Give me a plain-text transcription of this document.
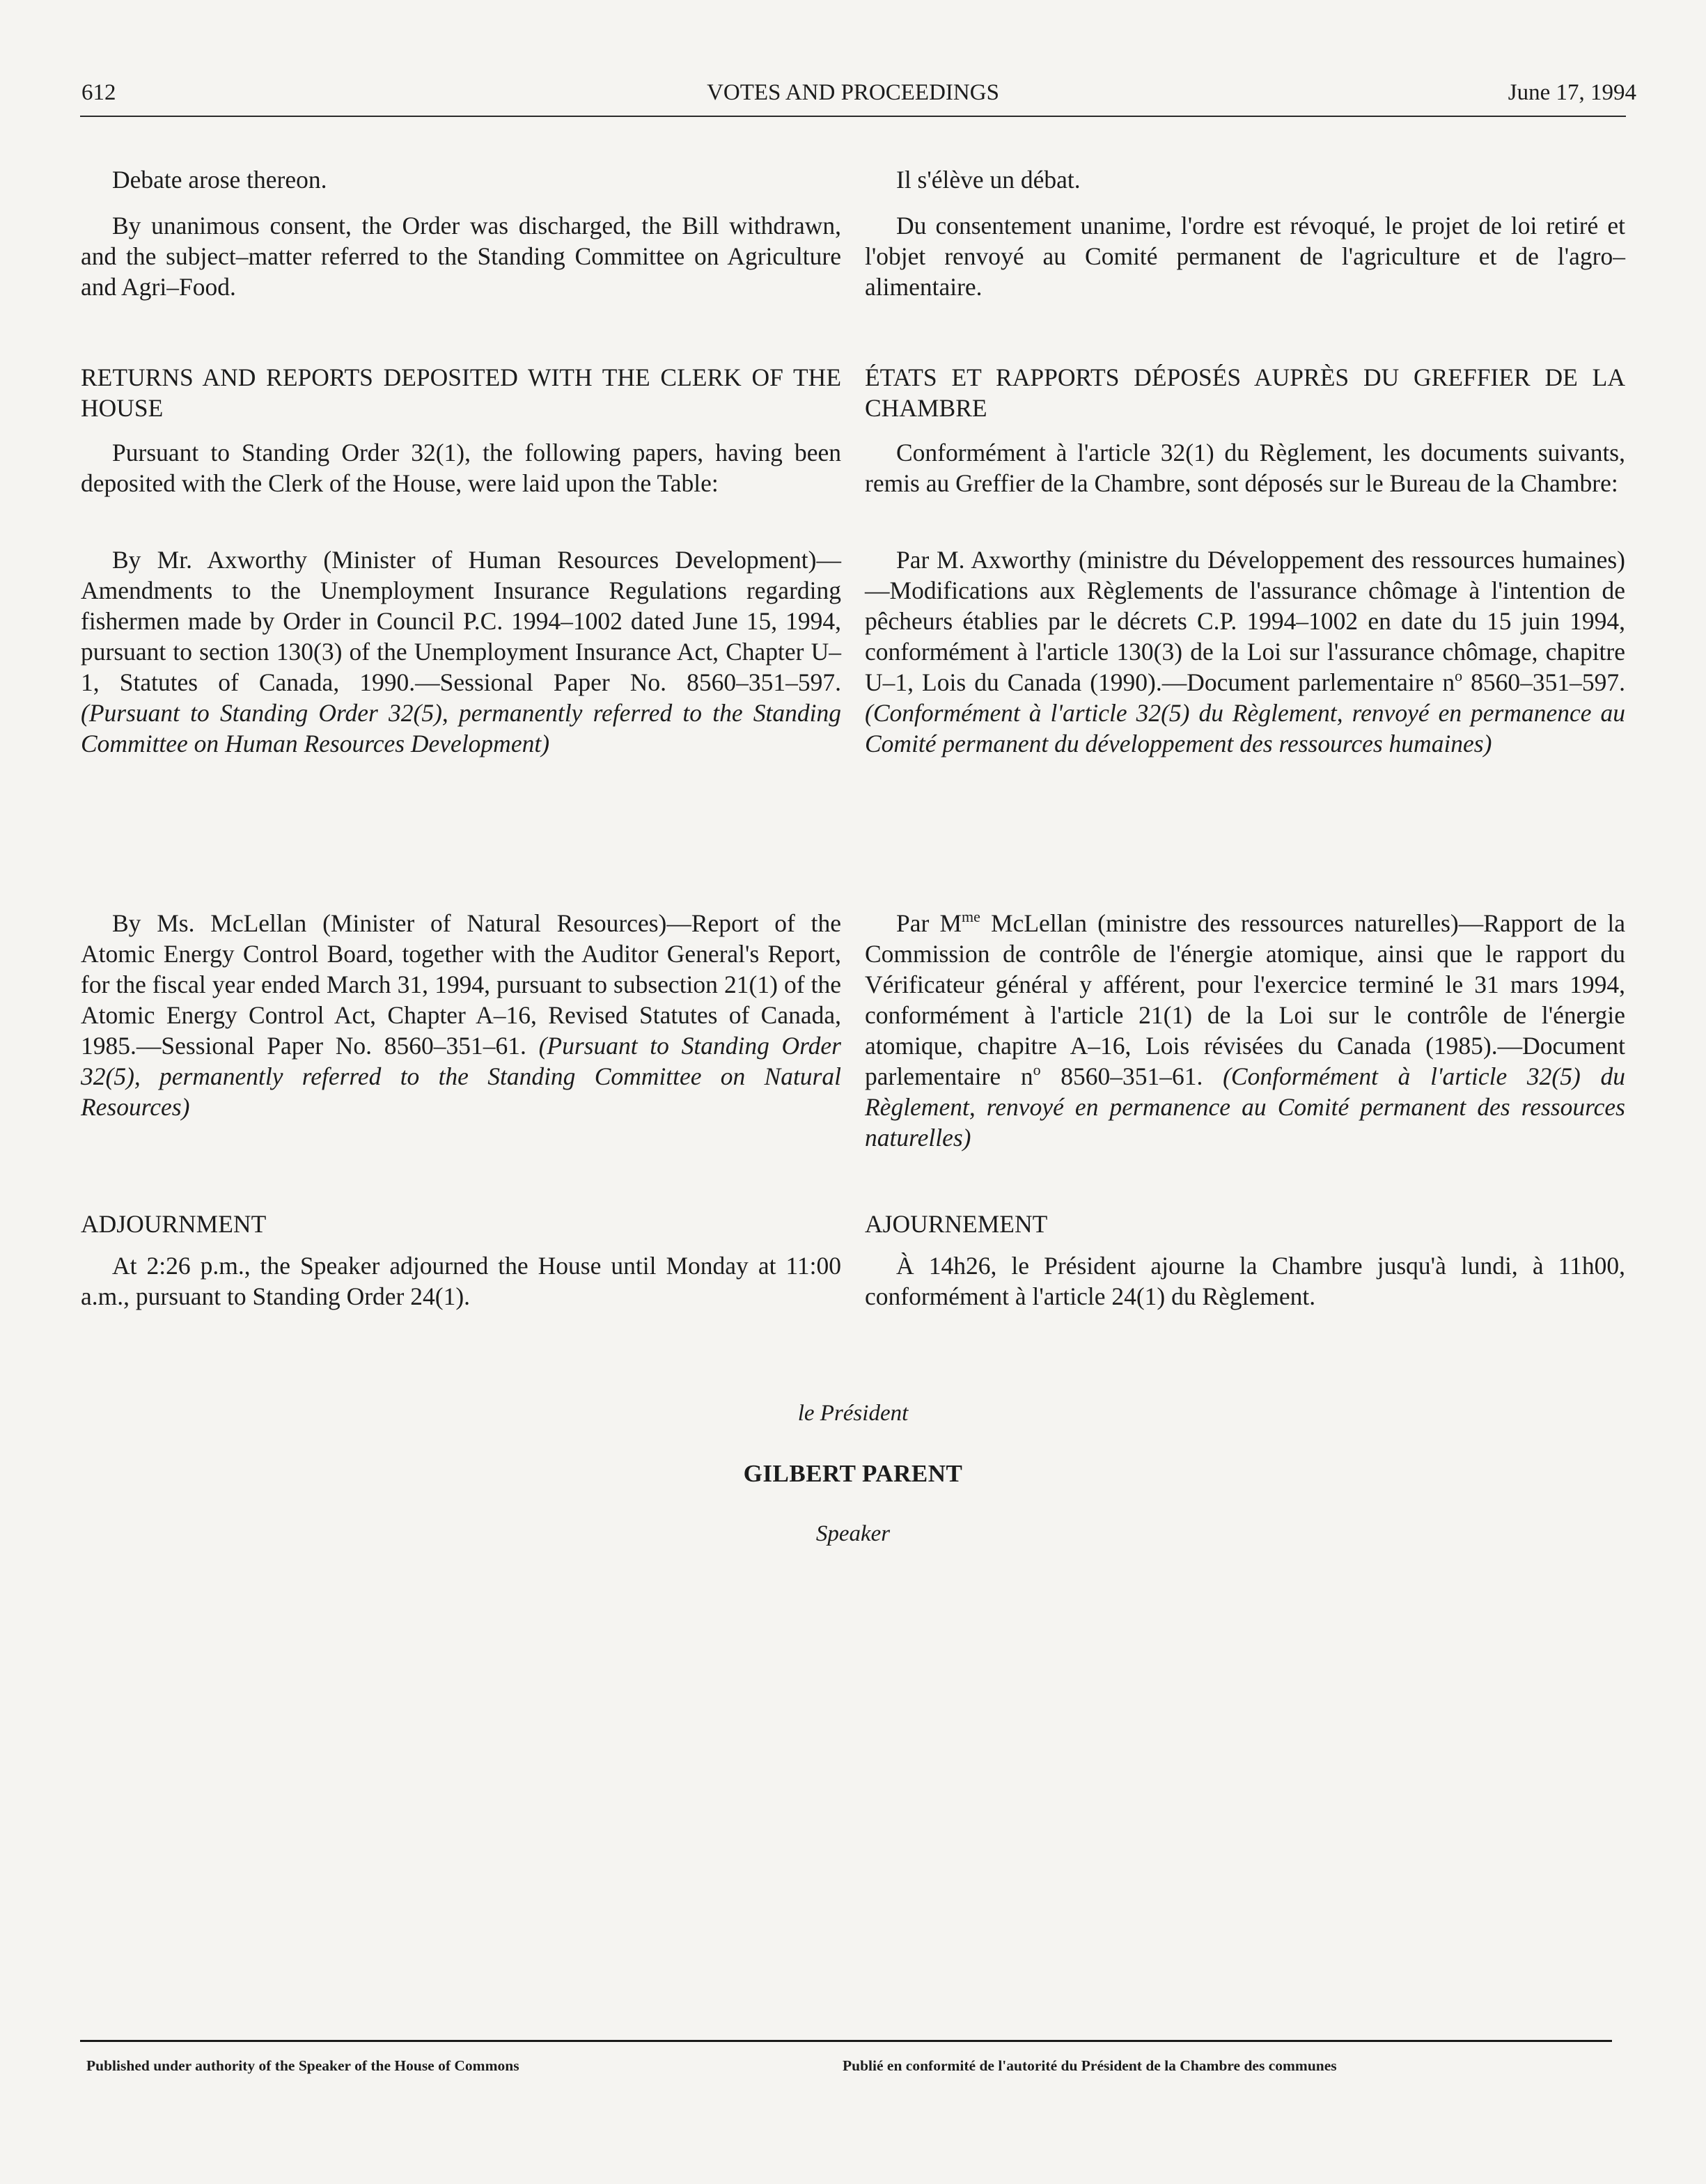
612	VOTES AND PROCEEDINGS	June 17, 1994

Debate arose thereon.

By unanimous consent, the Order was discharged, the Bill withdrawn, and the subject–matter referred to the Standing Committee on Agriculture and Agri–Food.

RETURNS AND REPORTS DEPOSITED WITH THE CLERK OF THE HOUSE

Pursuant to Standing Order 32(1), the following papers, having been deposited with the Clerk of the House, were laid upon the Table:

By Mr. Axworthy (Minister of Human Resources Development)—Amendments to the Unemployment Insurance Regulations regarding fishermen made by Order in Council P.C. 1994–1002 dated June 15, 1994, pursuant to section 130(3) of the Unemployment Insurance Act, Chapter U–1, Statutes of Canada, 1990.—Sessional Paper No. 8560–351–597. (Pursuant to Standing Order 32(5), permanently referred to the Standing Committee on Human Resources Development)

By Ms. McLellan (Minister of Natural Resources)—Report of the Atomic Energy Control Board, together with the Auditor General's Report, for the fiscal year ended March 31, 1994, pursuant to subsection 21(1) of the Atomic Energy Control Act, Chapter A–16, Revised Statutes of Canada, 1985.—Sessional Paper No. 8560–351–61. (Pursuant to Standing Order 32(5), permanently referred to the Standing Committee on Natural Resources)

ADJOURNMENT

At 2:26 p.m., the Speaker adjourned the House until Monday at 11:00 a.m., pursuant to Standing Order 24(1).

Il s'élève un débat.

Du consentement unanime, l'ordre est révoqué, le projet de loi retiré et l'objet renvoyé au Comité permanent de l'agriculture et de l'agro–alimentaire.

ÉTATS ET RAPPORTS DÉPOSÉS AUPRÈS DU GREFFIER DE LA CHAMBRE

Conformément à l'article 32(1) du Règlement, les documents suivants, remis au Greffier de la Chambre, sont déposés sur le Bureau de la Chambre:

Par M. Axworthy (ministre du Développement des ressources humaines)—Modifications aux Règlements de l'assurance chômage à l'intention de pêcheurs établies par le décrets C.P. 1994–1002 en date du 15 juin 1994, conformément à l'article 130(3) de la Loi sur l'assurance chômage, chapitre U–1, Lois du Canada (1990).—Document parlementaire $n^o$ 8560–351–597. (Conformément à l'article 32(5) du Règlement, renvoyé en permanence au Comité permanent du développement des ressources humaines)

Par $M^{me}$ McLellan (ministre des ressources naturelles)—Rapport de la Commission de contrôle de l'énergie atomique, ainsi que le rapport du Vérificateur général y afférent, pour l'exercice terminé le 31 mars 1994, conformément à l'article 21(1) de la Loi sur le contrôle de l'énergie atomique, chapitre A–16, Lois révisées du Canada (1985).—Document parlementaire $n^o$ 8560–351–61. (Conformément à l'article 32(5) du Règlement, renvoyé en permanence au Comité permanent des ressources naturelles)

AJOURNEMENT

À 14h26, le Président ajourne la Chambre jusqu'à lundi, à 11h00, conformément à l'article 24(1) du Règlement.

le Président
GILBERT PARENT
Speaker
Published under authority of the Speaker of the House of Commons	Publié en conformité de l'autorité du Président de la Chambre des communes
